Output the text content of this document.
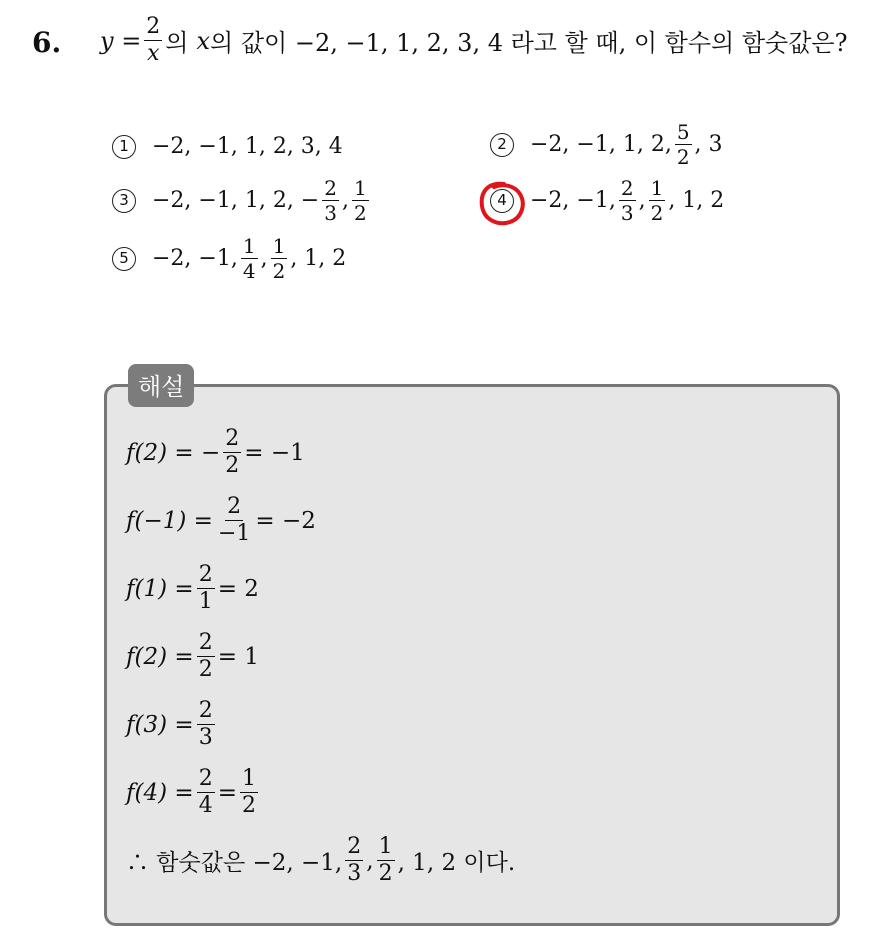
6. $y = \frac{2}{x}$ 의 x 의 값이 −2, −1, 1, 2, 3, 4 라고 할 때, 이 함수의 함숫값은?
1	−2, −1, 1, 2, 3, 4	2	−2, −1, 1, 2, $\frac{5}{2}$ , 3
3	−2, −1, 1, 2, − $\frac{2}{3}$ , $\frac{1}{2}$	4	−2, −1, $\frac{2}{3}$ , $\frac{1}{2}$ , 1, 2
5	−2, −1, $\frac{1}{4}$ , $\frac{1}{2}$ , 1, 2
해설
f(2) = − $\frac{2}{2} = -1$
$f(-1) = \frac{2}{-1} = -2$
$f(1) = \frac{2}{1} = 2$
$f(2) = \frac{2}{2} = 1$
$f(3) = \frac{2}{3}$
$f(4) = \frac{2}{4} = \frac{1}{2}$
∴ 함숫값은 −2, −1, $\frac{2}{3}$ , $\frac{1}{2}$ , 1, 2 이다.
